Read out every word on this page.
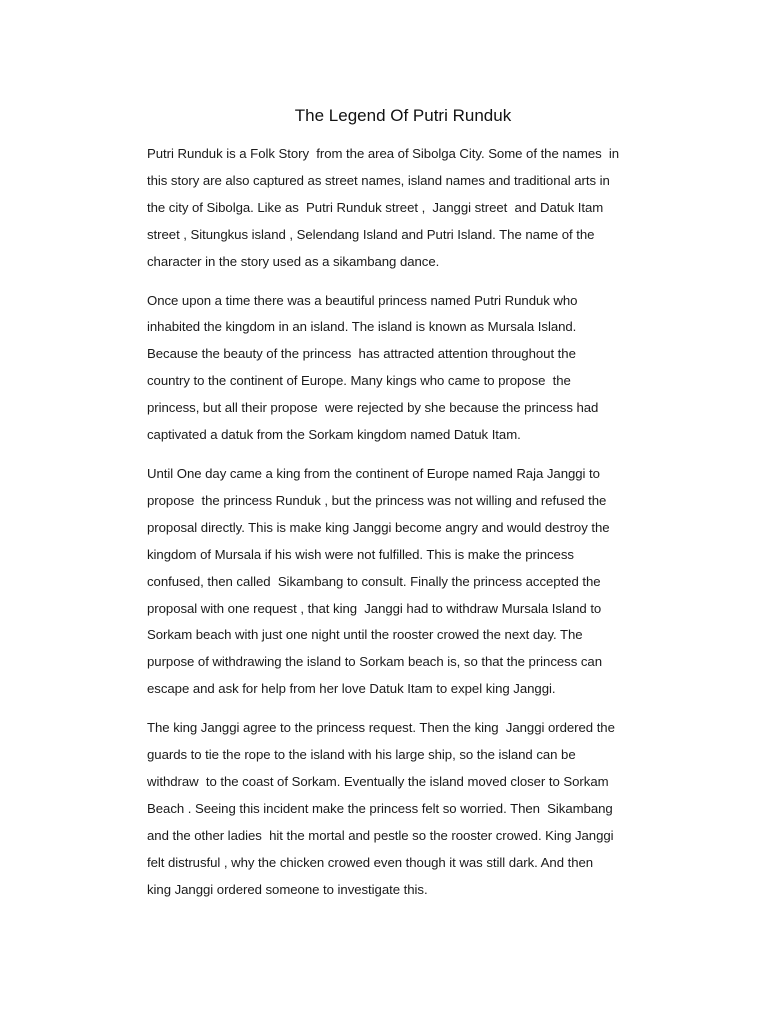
The Legend Of Putri Runduk

Putri Runduk is a Folk Story  from the area of Sibolga City. Some of the names  in
this story are also captured as street names, island names and traditional arts in
the city of Sibolga. Like as  Putri Runduk street ,  Janggi street  and Datuk Itam
street , Situngkus island , Selendang Island and Putri Island. The name of the
character in the story used as a sikambang dance.

Once upon a time there was a beautiful princess named Putri Runduk who
inhabited the kingdom in an island. The island is known as Mursala Island.
Because the beauty of the princess  has attracted attention throughout the
country to the continent of Europe. Many kings who came to propose  the
princess, but all their propose  were rejected by she because the princess had
captivated a datuk from the Sorkam kingdom named Datuk Itam.

Until One day came a king from the continent of Europe named Raja Janggi to
propose  the princess Runduk , but the princess was not willing and refused the
proposal directly. This is make king Janggi become angry and would destroy the
kingdom of Mursala if his wish were not fulfilled. This is make the princess
confused, then called  Sikambang to consult. Finally the princess accepted the
proposal with one request , that king  Janggi had to withdraw Mursala Island to
Sorkam beach with just one night until the rooster crowed the next day. The
purpose of withdrawing the island to Sorkam beach is, so that the princess can
escape and ask for help from her love Datuk Itam to expel king Janggi.

The king Janggi agree to the princess request. Then the king  Janggi ordered the
guards to tie the rope to the island with his large ship, so the island can be
withdraw  to the coast of Sorkam. Eventually the island moved closer to Sorkam
Beach . Seeing this incident make the princess felt so worried. Then  Sikambang
and the other ladies  hit the mortal and pestle so the rooster crowed. King Janggi
felt distrusful , why the chicken crowed even though it was still dark. And then
king Janggi ordered someone to investigate this.
